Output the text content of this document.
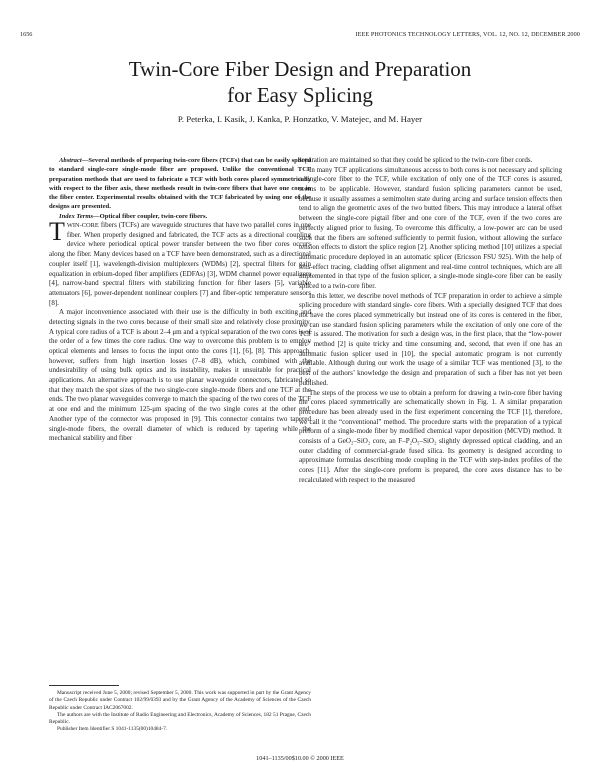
1656	IEEE PHOTONICS TECHNOLOGY LETTERS, VOL. 12, NO. 12, DECEMBER 2000
Twin-Core Fiber Design and Preparation
for Easy Splicing
P. Peterka, I. Kasik, J. Kanka, P. Honzatko, V. Matejec, and M. Hayer

Abstract—Several methods of preparing twin-core fibers (TCFs) that can be easily spliced to standard single-core single-mode fiber are proposed. Unlike the conventional TCF preparation methods that are used to fabricate a TCF with both cores placed symmetrically with respect to the fiber axis, these methods result in twin-core fibers that have one core in the fiber center. Experimental results obtained with the TCF fabricated by using one of the designs are presented.

Index Terms—Optical fiber coupler, twin-core fibers.

TWIN-CORE fibers (TCFs) are waveguide structures that have two parallel cores in one fiber. When properly designed and fabricated, the TCF acts as a directional coupling device where periodical optical power transfer between the two fiber cores occurs along the fiber. Many devices based on a TCF have been demonstrated, such as a directional coupler itself [1], wavelength-division multiplexers (WDMs) [2], spectral filters for gain equalization in erbium-doped fiber amplifiers (EDFAs) [3], WDM channel power equalizers [4], narrow-band spectral filters with stabilizing function for fiber lasers [5], variable attenuators [6], power-dependent nonlinear couplers [7] and fiber-optic temperature sensors [8].

A major inconvenience associated with their use is the difficulty in both exciting and detecting signals in the two cores because of their small size and relatively close proximity. A typical core radius of a TCF is about 2–4 μm and a typical separation of the two cores is of the order of a few times the core radius. One way to overcome this problem is to employ optical elements and lenses to focus the input onto the cores [1], [6], [8]. This approach, however, suffers from high insertion losses (7–8 dB), which, combined with the undesirability of using bulk optics and its instability, makes it unsuitable for practical applications. An alternative approach is to use planar waveguide connectors, fabricated so that they match the spot sizes of the two single-core single-mode fibers and one TCF at the ends. The two planar waveguides converge to match the spacing of the two cores of the TCF at one end and the minimum 125-μm spacing of the two single cores at the other end. Another type of the connector was proposed in [9]. This connector contains two tapered single-mode fibers, the overall diameter of which is reduced by tapering while the mechanical stability and fiber

Manuscript received June 5, 2000; revised September 5, 2000. This work was supported in part by the Grant Agency of the Czech Republic under Contract 102/99/0393 and by the Grant Agency of the Academy of Sciences of the Czech Republic under Contract IAC2067002.

The authors are with the Institute of Radio Engineering and Electronics, Academy of Sciences, 182 51 Prague, Czech Republic.

Publisher Item Identifier S 1041-1135(00)10484-7.

separation are maintained so that they could be spliced to the twin-core fiber cords.

In many TCF applications simultaneous access to both cores is not necessary and splicing a single-core fiber to the TCF, while excitation of only one of the TCF cores is assured, seems to be applicable. However, standard fusion splicing parameters cannot be used, because it usually assumes a semimolten state during arcing and surface tension effects then tend to align the geometric axes of the two butted fibers. This may introduce a lateral offset between the single-core pigtail fiber and one core of the TCF, even if the two cores are perfectly aligned prior to fusing. To overcome this difficulty, a low-power arc can be used such that the fibers are softened sufficiently to permit fusion, without allowing the surface tension effects to distort the splice region [2]. Another splicing method [10] utilizes a special automatic procedure deployed in an automatic splicer (Ericsson FSU 925). With the help of lens-effect tracing, cladding offset alignment and real-time control techniques, which are all implemented in that type of the fusion splicer, a single-mode single-core fiber can be easily spliced to a twin-core fiber.

In this letter, we describe novel methods of TCF preparation in order to achieve a simple splicing procedure with standard single- core fibers. With a specially designed TCF that does not have the cores placed symmetrically but instead one of its cores is centered in the fiber, we can use standard fusion splicing parameters while the excitation of only one core of the TCF is assured. The motivation for such a design was, in the first place, that the “low-power arc” method [2] is quite tricky and time consuming and, second, that even if one has an automatic fusion splicer used in [10], the special automatic program is not currently available. Although during our work the usage of a similar TCF was mentioned [3], to the best of the authors’ knowledge the design and preparation of such a fiber has not yet been published.

The steps of the process we use to obtain a preform for drawing a twin-core fiber having the cores placed symmetrically are schematically shown in Fig. 1. A similar preparation procedure has been already used in the first experiment concerning the TCF [1], therefore, we call it the “conventional” method. The procedure starts with the preparation of a typical preform of a single-mode fiber by modified chemical vapor deposition (MCVD) method. It consists of a GeO₂–SiO₂ core, an F–P₂O₅–SiO₂ slightly depressed optical cladding, and an outer cladding of commercial-grade fused silica. Its geometry is designed according to approximate formulas describing mode coupling in the TCF with step-index profiles of the cores [11]. After the single-core preform is prepared, the core axes distance has to be recalculated with respect to the measured

1041–1135/00$10.00 © 2000 IEEE
